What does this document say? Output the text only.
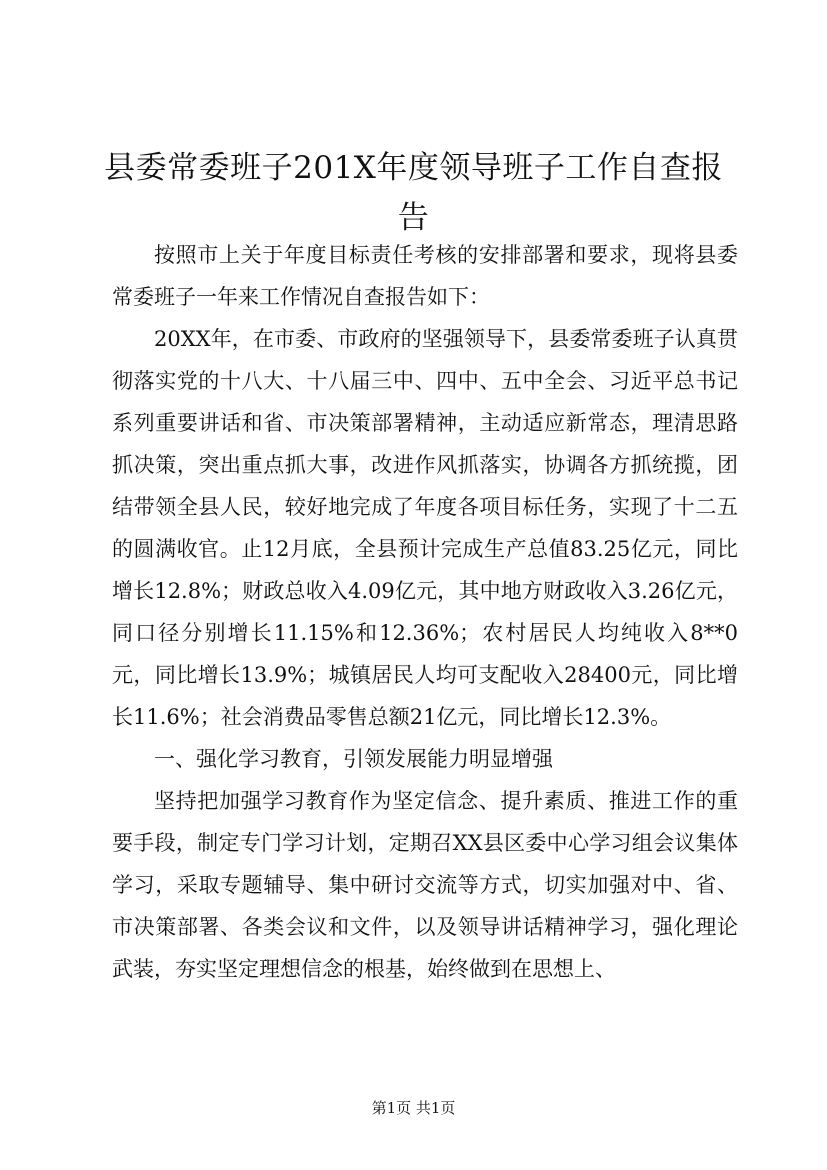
县委常委班子201X年度领导班子工作自查报告

按照市上关于年度目标责任考核的安排部署和要求，现将县委常委班子一年来工作情况自查报告如下：

20XX年，在市委、市政府的坚强领导下，县委常委班子认真贯彻落实党的十八大、十八届三中、四中、五中全会、习近平总书记系列重要讲话和省、市决策部署精神，主动适应新常态，理清思路抓决策，突出重点抓大事，改进作风抓落实，协调各方抓统揽，团结带领全县人民，较好地完成了年度各项目标任务，实现了十二五的圆满收官。止12月底，全县预计完成生产总值83.25亿元，同比增长12.8%；财政总收入4.09亿元，其中地方财政收入3.26亿元，同口径分别增长11.15%和12.36%；农村居民人均纯收入8**0元，同比增长13.9%；城镇居民人均可支配收入28400元，同比增长11.6%；社会消费品零售总额21亿元，同比增长12.3%。

一、强化学习教育，引领发展能力明显增强

坚持把加强学习教育作为坚定信念、提升素质、推进工作的重要手段，制定专门学习计划，定期召XX县区委中心学习组会议集体学习，采取专题辅导、集中研讨交流等方式，切实加强对中、省、市决策部署、各类会议和文件，以及领导讲话精神学习，强化理论武装，夯实坚定理想信念的根基，始终做到在思想上、

第1页 共1页
